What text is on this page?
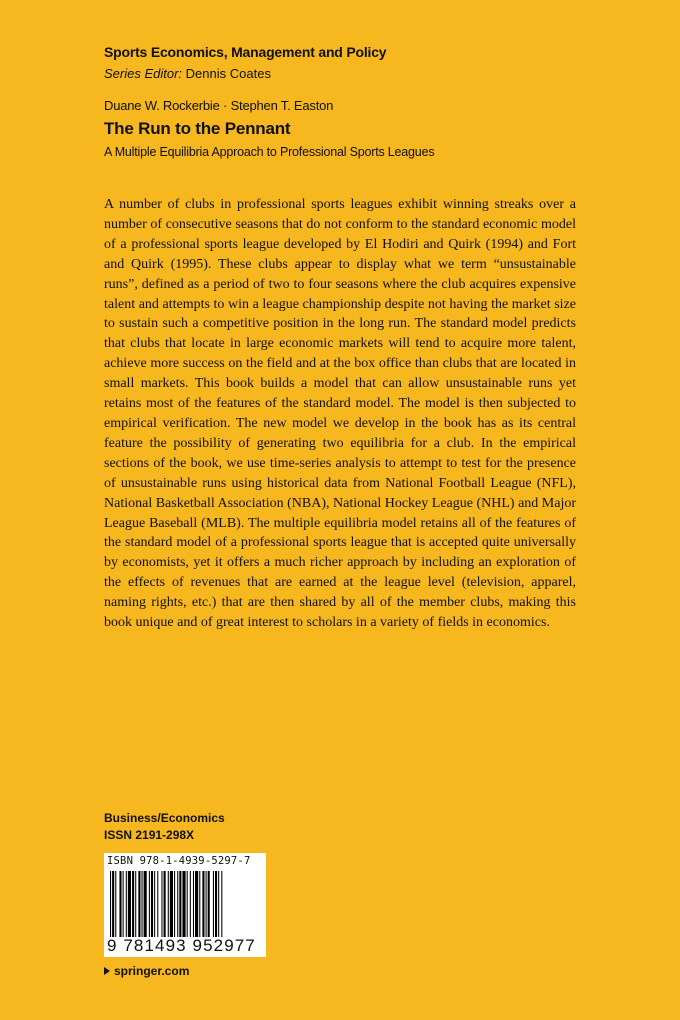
Sports Economics, Management and Policy
Series Editor: Dennis Coates
Duane W. Rockerbie · Stephen T. Easton
The Run to the Pennant
A Multiple Equilibria Approach to Professional Sports Leagues

A number of clubs in professional sports leagues exhibit winning streaks over a number of consecutive seasons that do not conform to the standard economic model of a professional sports league developed by El Hodiri and Quirk (1994) and Fort and Quirk (1995). These clubs appear to display what we term “unsustainable runs”, defined as a period of two to four seasons where the club acquires expensive talent and attempts to win a league championship despite not having the market size to sustain such a competitive position in the long run. The standard model predicts that clubs that locate in large economic markets will tend to acquire more talent, achieve more success on the field and at the box office than clubs that are located in small markets. This book builds a model that can allow unsustainable runs yet retains most of the features of the standard model. The model is then subjected to empirical verification. The new model we develop in the book has as its central feature the possibility of generating two equilibria for a club. In the empirical sections of the book, we use time-series analysis to attempt to test for the presence of unsustainable runs using historical data from National Football League (NFL), National Basketball Association (NBA), National Hockey League (NHL) and Major League Baseball (MLB). The multiple equilibria model retains all of the features of the standard model of a professional sports league that is accepted quite universally by economists, yet it offers a much richer approach by including an exploration of the effects of revenues that are earned at the league level (television, apparel, naming rights, etc.) that are then shared by all of the member clubs, making this book unique and of great interest to scholars in a variety of fields in economics.

Business/Economics
ISSN 2191-298X
ISBN 978-1-4939-5297-7
9 781493 952977
springer.com
